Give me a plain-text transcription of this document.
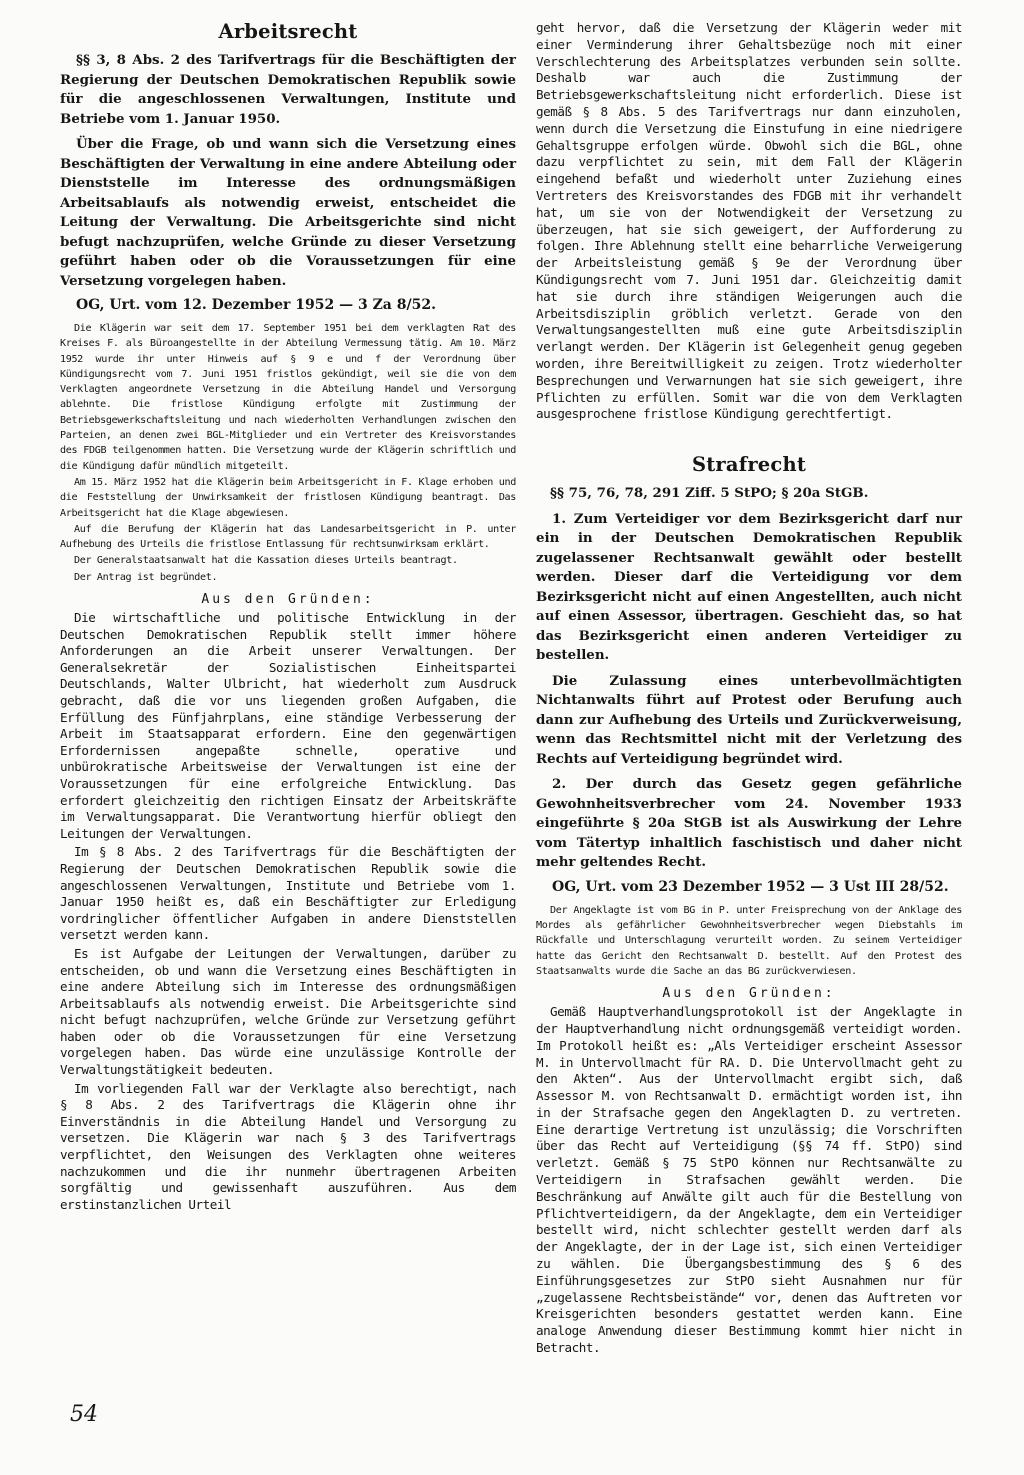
Arbeitsrecht

§§ 3, 8 Abs. 2 des Tarifvertrags für die Beschäftigten der Regierung der Deutschen Demokratischen Republik sowie für die angeschlossenen Verwaltungen, Institute und Betriebe vom 1. Januar 1950.

Über die Frage, ob und wann sich die Versetzung eines Beschäftigten der Verwaltung in eine andere Abteilung oder Dienststelle im Interesse des ordnungsmäßigen Arbeitsablaufs als notwendig erweist, entscheidet die Leitung der Verwaltung. Die Arbeitsgerichte sind nicht befugt nachzuprüfen, welche Gründe zu dieser Versetzung geführt haben oder ob die Voraussetzungen für eine Versetzung vorgelegen haben.

OG, Urt. vom 12. Dezember 1952 — 3 Za 8/52.

Die Klägerin war seit dem 17. September 1951 bei dem verklagten Rat des Kreises F. als Büroangestellte in der Abteilung Vermessung tätig. Am 10. März 1952 wurde ihr unter Hinweis auf § 9 e und f der Verordnung über Kündigungsrecht vom 7. Juni 1951 fristlos gekündigt, weil sie die von dem Verklagten angeordnete Versetzung in die Abteilung Handel und Versorgung ablehnte. Die fristlose Kündigung erfolgte mit Zustimmung der Betriebsgewerkschaftsleitung und nach wiederholten Verhandlungen zwischen den Parteien, an denen zwei BGL-Mitglieder und ein Vertreter des Kreisvorstandes des FDGB teilgenommen hatten. Die Versetzung wurde der Klägerin schriftlich und die Kündigung dafür mündlich mitgeteilt.

Am 15. März 1952 hat die Klägerin beim Arbeitsgericht in F. Klage erhoben und die Feststellung der Unwirksamkeit der fristlosen Kündigung beantragt. Das Arbeitsgericht hat die Klage abgewiesen.

Auf die Berufung der Klägerin hat das Landesarbeitsgericht in P. unter Aufhebung des Urteils die fristlose Entlassung für rechtsunwirksam erklärt.

Der Generalstaatsanwalt hat die Kassation dieses Urteils beantragt.

Der Antrag ist begründet.

Aus den Gründen:

Die wirtschaftliche und politische Entwicklung in der Deutschen Demokratischen Republik stellt immer höhere Anforderungen an die Arbeit unserer Verwaltungen. Der Generalsekretär der Sozialistischen Einheitspartei Deutschlands, Walter Ulbricht, hat wiederholt zum Ausdruck gebracht, daß die vor uns liegenden großen Aufgaben, die Erfüllung des Fünfjahrplans, eine ständige Verbesserung der Arbeit im Staatsapparat erfordern. Eine den gegenwärtigen Erfordernissen angepaßte schnelle, operative und unbürokratische Arbeitsweise der Verwaltungen ist eine der Voraussetzungen für eine erfolgreiche Entwicklung. Das erfordert gleichzeitig den richtigen Einsatz der Arbeitskräfte im Verwaltungsapparat. Die Verantwortung hierfür obliegt den Leitungen der Verwaltungen.

Im § 8 Abs. 2 des Tarifvertrags für die Beschäftigten der Regierung der Deutschen Demokratischen Republik sowie die angeschlossenen Verwaltungen, Institute und Betriebe vom 1. Januar 1950 heißt es, daß ein Beschäftigter zur Erledigung vordringlicher öffentlicher Aufgaben in andere Dienststellen versetzt werden kann.

Es ist Aufgabe der Leitungen der Verwaltungen, darüber zu entscheiden, ob und wann die Versetzung eines Beschäftigten in eine andere Abteilung sich im Interesse des ordnungsmäßigen Arbeitsablaufs als notwendig erweist. Die Arbeitsgerichte sind nicht befugt nachzuprüfen, welche Gründe zur Versetzung geführt haben oder ob die Voraussetzungen für eine Versetzung vorgelegen haben. Das würde eine unzulässige Kontrolle der Verwaltungstätigkeit bedeuten.

Im vorliegenden Fall war der Verklagte also berechtigt, nach § 8 Abs. 2 des Tarifvertrags die Klägerin ohne ihr Einverständnis in die Abteilung Handel und Versorgung zu versetzen. Die Klägerin war nach § 3 des Tarifvertrags verpflichtet, den Weisungen des Verklagten ohne weiteres nachzukommen und die ihr nunmehr übertragenen Arbeiten sorgfältig und gewissenhaft auszuführen. Aus dem erstinstanzlichen Urteil

geht hervor, daß die Versetzung der Klägerin weder mit einer Verminderung ihrer Gehaltsbezüge noch mit einer Verschlechterung des Arbeitsplatzes verbunden sein sollte. Deshalb war auch die Zustimmung der Betriebsgewerkschaftsleitung nicht erforderlich. Diese ist gemäß § 8 Abs. 5 des Tarifvertrags nur dann einzuholen, wenn durch die Versetzung die Einstufung in eine niedrigere Gehaltsgruppe erfolgen würde. Obwohl sich die BGL, ohne dazu verpflichtet zu sein, mit dem Fall der Klägerin eingehend befaßt und wiederholt unter Zuziehung eines Vertreters des Kreisvorstandes des FDGB mit ihr verhandelt hat, um sie von der Notwendigkeit der Versetzung zu überzeugen, hat sie sich geweigert, der Aufforderung zu folgen. Ihre Ablehnung stellt eine beharrliche Verweigerung der Arbeitsleistung gemäß § 9e der Verordnung über Kündigungsrecht vom 7. Juni 1951 dar. Gleichzeitig damit hat sie durch ihre ständigen Weigerungen auch die Arbeitsdisziplin gröblich verletzt. Gerade von den Verwaltungsangestellten muß eine gute Arbeitsdisziplin verlangt werden. Der Klägerin ist Gelegenheit genug gegeben worden, ihre Bereitwilligkeit zu zeigen. Trotz wiederholter Besprechungen und Verwarnungen hat sie sich geweigert, ihre Pflichten zu erfüllen. Somit war die von dem Verklagten ausgesprochene fristlose Kündigung gerechtfertigt.

Strafrecht

§§ 75, 76, 78, 291 Ziff. 5 StPO; § 20a StGB.

1. Zum Verteidiger vor dem Bezirksgericht darf nur ein in der Deutschen Demokratischen Republik zugelassener Rechtsanwalt gewählt oder bestellt werden. Dieser darf die Verteidigung vor dem Bezirksgericht nicht auf einen Angestellten, auch nicht auf einen Assessor, übertragen. Geschieht das, so hat das Bezirksgericht einen anderen Verteidiger zu bestellen.

Die Zulassung eines unterbevollmächtigten Nichtanwalts führt auf Protest oder Berufung auch dann zur Aufhebung des Urteils und Zurückverweisung, wenn das Rechtsmittel nicht mit der Verletzung des Rechts auf Verteidigung begründet wird.

2. Der durch das Gesetz gegen gefährliche Gewohnheitsverbrecher vom 24. November 1933 eingeführte § 20a StGB ist als Auswirkung der Lehre vom Tätertyp inhaltlich faschistisch und daher nicht mehr geltendes Recht.

OG, Urt. vom 23 Dezember 1952 — 3 Ust III 28/52.

Der Angeklagte ist vom BG in P. unter Freisprechung von der Anklage des Mordes als gefährlicher Gewohnheitsverbrecher wegen Diebstahls im Rückfalle und Unterschlagung verurteilt worden. Zu seinem Verteidiger hatte das Gericht den Rechtsanwalt D. bestellt. Auf den Protest des Staatsanwalts wurde die Sache an das BG zurückverwiesen.

Aus den Gründen:

Gemäß Hauptverhandlungsprotokoll ist der Angeklagte in der Hauptverhandlung nicht ordnungsgemäß verteidigt worden. Im Protokoll heißt es: „Als Verteidiger erscheint Assessor M. in Untervollmacht für RA. D. Die Untervollmacht geht zu den Akten“. Aus der Untervollmacht ergibt sich, daß Assessor M. von Rechtsanwalt D. ermächtigt worden ist, ihn in der Strafsache gegen den Angeklagten D. zu vertreten. Eine derartige Vertretung ist unzulässig; die Vorschriften über das Recht auf Verteidigung (§§ 74 ff. StPO) sind verletzt. Gemäß § 75 StPO können nur Rechtsanwälte zu Verteidigern in Strafsachen gewählt werden. Die Beschränkung auf Anwälte gilt auch für die Bestellung von Pflichtverteidigern, da der Angeklagte, dem ein Verteidiger bestellt wird, nicht schlechter gestellt werden darf als der Angeklagte, der in der Lage ist, sich einen Verteidiger zu wählen. Die Übergangsbestimmung des § 6 des Einführungsgesetzes zur StPO sieht Ausnahmen nur für „zugelassene Rechtsbeistände“ vor, denen das Auftreten vor Kreisgerichten besonders gestattet werden kann. Eine analoge Anwendung dieser Bestimmung kommt hier nicht in Betracht.

54
